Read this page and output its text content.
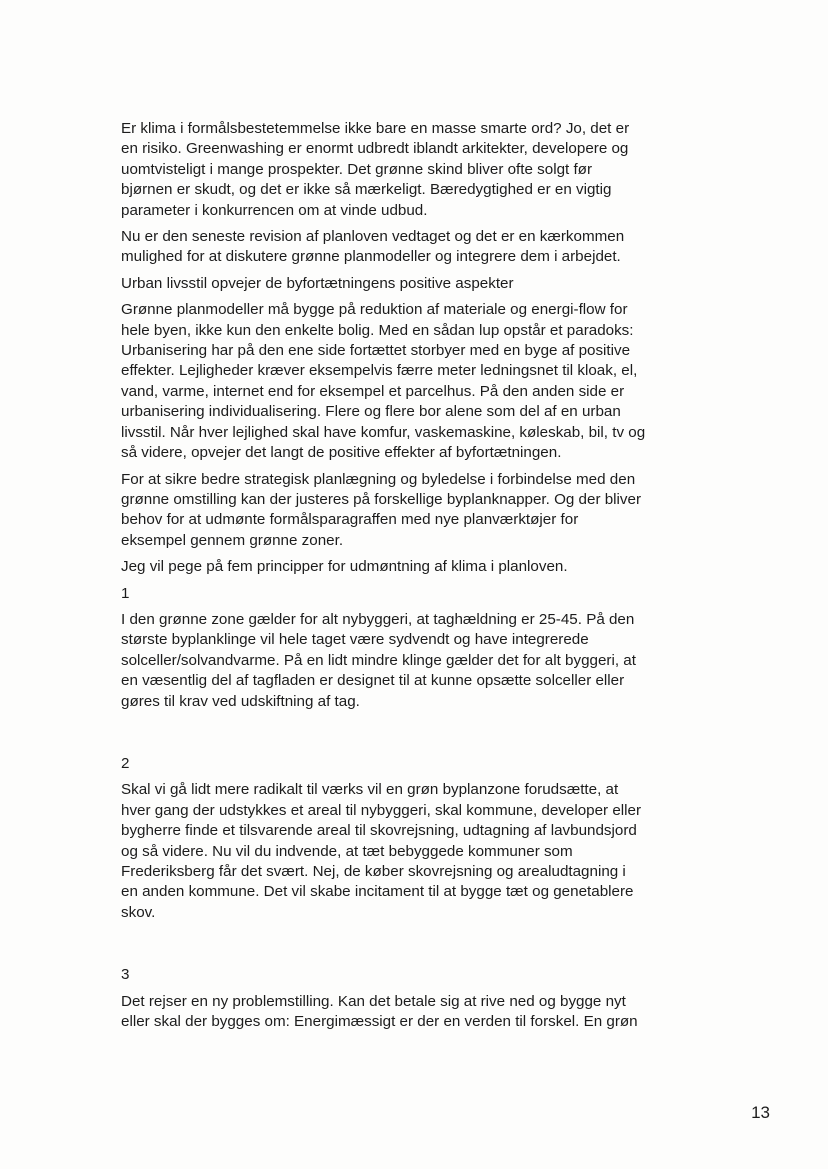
Er klima i formålsbestetemmelse ikke bare en masse smarte ord? Jo, det er
en risiko. Greenwashing er enormt udbredt iblandt arkitekter, developere og
uomtvisteligt i mange prospekter. Det grønne skind bliver ofte solgt før
bjørnen er skudt, og det er ikke så mærkeligt. Bæredygtighed er en vigtig
parameter i konkurrencen om at vinde udbud.

Nu er den seneste revision af planloven vedtaget og det er en kærkommen
mulighed for at diskutere grønne planmodeller og integrere dem i arbejdet.

Urban livsstil opvejer de byfortætningens positive aspekter

Grønne planmodeller må bygge på reduktion af materiale og energi-flow for
hele byen, ikke kun den enkelte bolig. Med en sådan lup opstår et paradoks:
Urbanisering har på den ene side fortættet storbyer med en byge af positive
effekter. Lejligheder kræver eksempelvis færre meter ledningsnet til kloak, el,
vand, varme, internet end for eksempel et parcelhus. På den anden side er
urbanisering individualisering. Flere og flere bor alene som del af en urban
livsstil. Når hver lejlighed skal have komfur, vaskemaskine, køleskab, bil, tv og
så videre, opvejer det langt de positive effekter af byfortætningen.

For at sikre bedre strategisk planlægning og byledelse i forbindelse med den
grønne omstilling kan der justeres på forskellige byplanknapper. Og der bliver
behov for at udmønte formålsparagraffen med nye planværktøjer for
eksempel gennem grønne zoner.

Jeg vil pege på fem principper for udmøntning af klima i planloven.

1

I den grønne zone gælder for alt nybyggeri, at taghældning er 25-45. På den
største byplanklinge vil hele taget være sydvendt og have integrerede
solceller/solvandvarme. På en lidt mindre klinge gælder det for alt byggeri, at
en væsentlig del af tagfladen er designet til at kunne opsætte solceller eller
gøres til krav ved udskiftning af tag.

2

Skal vi gå lidt mere radikalt til værks vil en grøn byplanzone forudsætte, at
hver gang der udstykkes et areal til nybyggeri, skal kommune, developer eller
bygherre finde et tilsvarende areal til skovrejsning, udtagning af lavbundsjord
og så videre. Nu vil du indvende, at tæt bebyggede kommuner som
Frederiksberg får det svært. Nej, de køber skovrejsning og arealudtagning i
en anden kommune. Det vil skabe incitament til at bygge tæt og genetablere
skov.

3

Det rejser en ny problemstilling. Kan det betale sig at rive ned og bygge nyt
eller skal der bygges om: Energimæssigt er der en verden til forskel. En grøn

13
